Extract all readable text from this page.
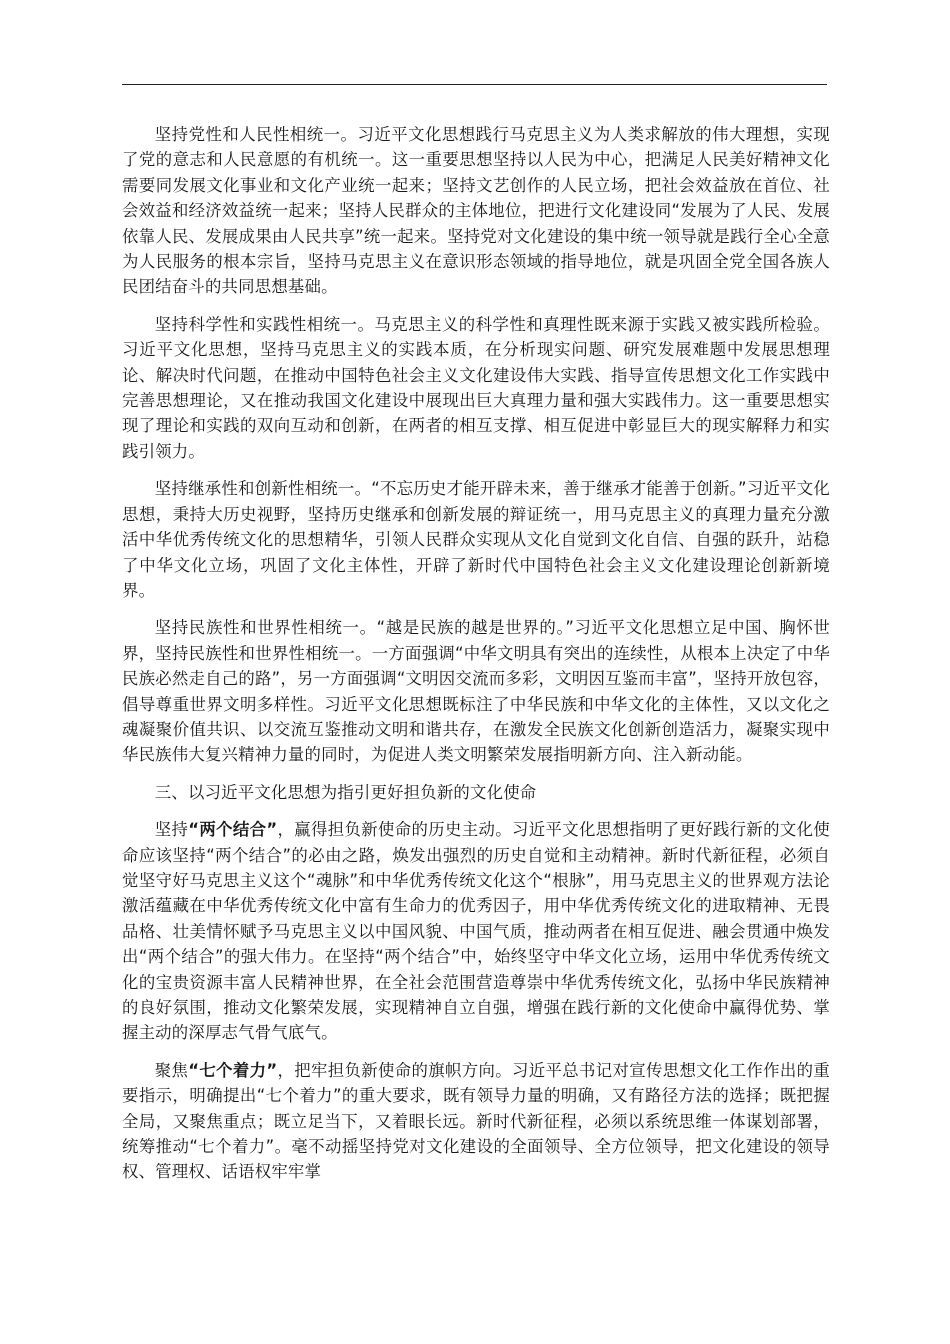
坚持党性和人民性相统一。习近平文化思想践行马克思主义为人类求解放的伟大理想，实现了党的意志和人民意愿的有机统一。这一重要思想坚持以人民为中心，把满足人民美好精神文化需要同发展文化事业和文化产业统一起来；坚持文艺创作的人民立场，把社会效益放在首位、社会效益和经济效益统一起来；坚持人民群众的主体地位，把进行文化建设同“发展为了人民、发展依靠人民、发展成果由人民共享”统一起来。坚持党对文化建设的集中统一领导就是践行全心全意为人民服务的根本宗旨，坚持马克思主义在意识形态领域的指导地位，就是巩固全党全国各族人民团结奋斗的共同思想基础。

坚持科学性和实践性相统一。马克思主义的科学性和真理性既来源于实践又被实践所检验。习近平文化思想，坚持马克思主义的实践本质，在分析现实问题、研究发展难题中发展思想理论、解决时代问题，在推动中国特色社会主义文化建设伟大实践、指导宣传思想文化工作实践中完善思想理论，又在推动我国文化建设中展现出巨大真理力量和强大实践伟力。这一重要思想实现了理论和实践的双向互动和创新，在两者的相互支撑、相互促进中彰显巨大的现实解释力和实践引领力。

坚持继承性和创新性相统一。“不忘历史才能开辟未来，善于继承才能善于创新。”习近平文化思想，秉持大历史视野，坚持历史继承和创新发展的辩证统一，用马克思主义的真理力量充分激活中华优秀传统文化的思想精华，引领人民群众实现从文化自觉到文化自信、自强的跃升，站稳了中华文化立场，巩固了文化主体性，开辟了新时代中国特色社会主义文化建设理论创新新境界。

坚持民族性和世界性相统一。“越是民族的越是世界的。”习近平文化思想立足中国、胸怀世界，坚持民族性和世界性相统一。一方面强调“中华文明具有突出的连续性，从根本上决定了中华民族必然走自己的路”，另一方面强调“文明因交流而多彩，文明因互鉴而丰富”，坚持开放包容，倡导尊重世界文明多样性。习近平文化思想既标注了中华民族和中华文化的主体性，又以文化之魂凝聚价值共识、以交流互鉴推动文明和谐共存，在激发全民族文化创新创造活力，凝聚实现中华民族伟大复兴精神力量的同时，为促进人类文明繁荣发展指明新方向、注入新动能。

三、以习近平文化思想为指引更好担负新的文化使命

坚持“两个结合”，赢得担负新使命的历史主动。习近平文化思想指明了更好践行新的文化使命应该坚持“两个结合”的必由之路，焕发出强烈的历史自觉和主动精神。新时代新征程，必须自觉坚守好马克思主义这个“魂脉”和中华优秀传统文化这个“根脉”，用马克思主义的世界观方法论激活蕴藏在中华优秀传统文化中富有生命力的优秀因子，用中华优秀传统文化的进取精神、无畏品格、壮美情怀赋予马克思主义以中国风貌、中国气质，推动两者在相互促进、融会贯通中焕发出“两个结合”的强大伟力。在坚持“两个结合”中，始终坚守中华文化立场，运用中华优秀传统文化的宝贵资源丰富人民精神世界，在全社会范围营造尊崇中华优秀传统文化，弘扬中华民族精神的良好氛围，推动文化繁荣发展，实现精神自立自强，增强在践行新的文化使命中赢得优势、掌握主动的深厚志气骨气底气。

聚焦“七个着力”，把牢担负新使命的旗帜方向。习近平总书记对宣传思想文化工作作出的重要指示，明确提出“七个着力”的重大要求，既有领导力量的明确，又有路径方法的选择；既把握全局，又聚焦重点；既立足当下，又着眼长远。新时代新征程，必须以系统思维一体谋划部署，统筹推动“七个着力”。毫不动摇坚持党对文化建设的全面领导、全方位领导，把文化建设的领导权、管理权、话语权牢牢掌
